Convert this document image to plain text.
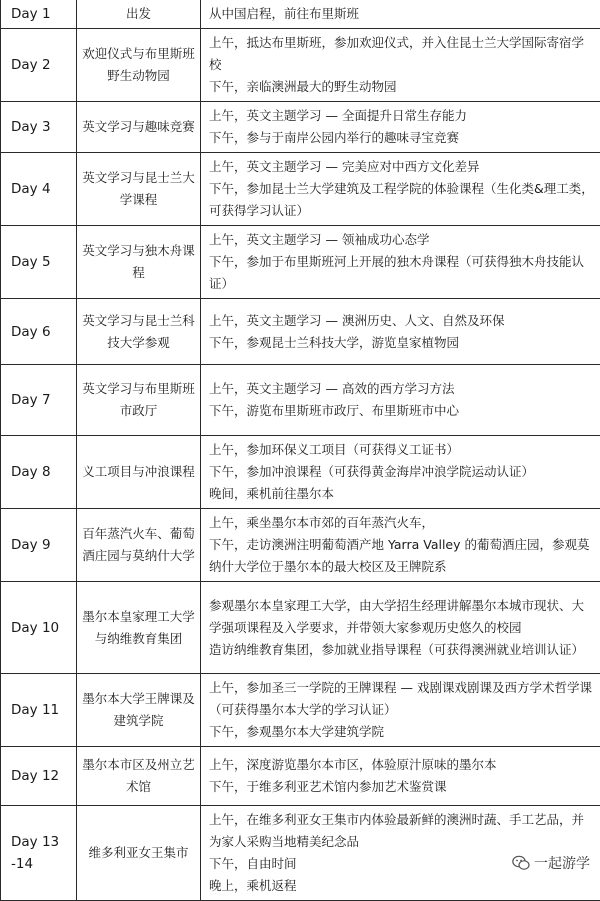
Day 1	出发	从中国启程，前往布里斯班

Day 2	欢迎仪式与布里斯班野生动物园	上午，抵达布里斯班，参加欢迎仪式，并入住昆士兰大学国际寄宿学校
下午，亲临澳洲最大的野生动物园

Day 3	英文学习与趣味竞赛	上午，英文主题学习 — 全面提升日常生存能力
下午，参与于南岸公园内举行的趣味寻宝竞赛

Day 4	英文学习与昆士兰大学课程	上午，英文主题学习 — 完美应对中西方文化差异
下午，参加昆士兰大学建筑及工程学院的体验课程（生化类&理工类，可获得学习认证）

Day 5	英文学习与独木舟课程	上午，英文主题学习 — 领袖成功心态学
下午，参加于布里斯班河上开展的独木舟课程（可获得独木舟技能认证）

Day 6	英文学习与昆士兰科技大学参观	上午，英文主题学习 — 澳洲历史、人文、自然及环保
下午，参观昆士兰科技大学，游览皇家植物园

Day 7	英文学习与布里斯班市政厅	上午，英文主题学习 — 高效的西方学习方法
下午，游览布里斯班市政厅、布里斯班市中心

Day 8	义工项目与冲浪课程	上午，参加环保义工项目（可获得义工证书）
下午，参加冲浪课程（可获得黄金海岸冲浪学院运动认证）
晚间，乘机前往墨尔本

Day 9	百年蒸汽火车、葡萄酒庄园与莫纳什大学	上午，乘坐墨尔本市郊的百年蒸汽火车，
下午，走访澳洲注明葡萄酒产地 Yarra Valley 的葡萄酒庄园，参观莫纳什大学位于墨尔本的最大校区及王牌院系

Day 10	墨尔本皇家理工大学与纳维教育集团	参观墨尔本皇家理工大学，由大学招生经理讲解墨尔本城市现状、大学强项课程及入学要求，并带领大家参观历史悠久的校园
造访纳维教育集团，参加就业指导课程（可获得澳洲就业培训认证）

Day 11	墨尔本大学王牌课及建筑学院	上午，参加圣三一学院的王牌课程 — 戏剧课戏剧课及西方学术哲学课（可获得墨尔本大学的学习认证）
下午，参观墨尔本大学建筑学院

Day 12	墨尔本市区及州立艺术馆	上午，深度游览墨尔本市区，体验原汁原味的墨尔本
下午，于维多利亚艺术馆内参加艺术鉴赏课

Day 13 -14	维多利亚女王集市	上午，在维多利亚女王集市内体验最新鲜的澳洲时蔬、手工艺品，并为家人采购当地精美纪念品
下午，自由时间
晚上，乘机返程	一起游学
